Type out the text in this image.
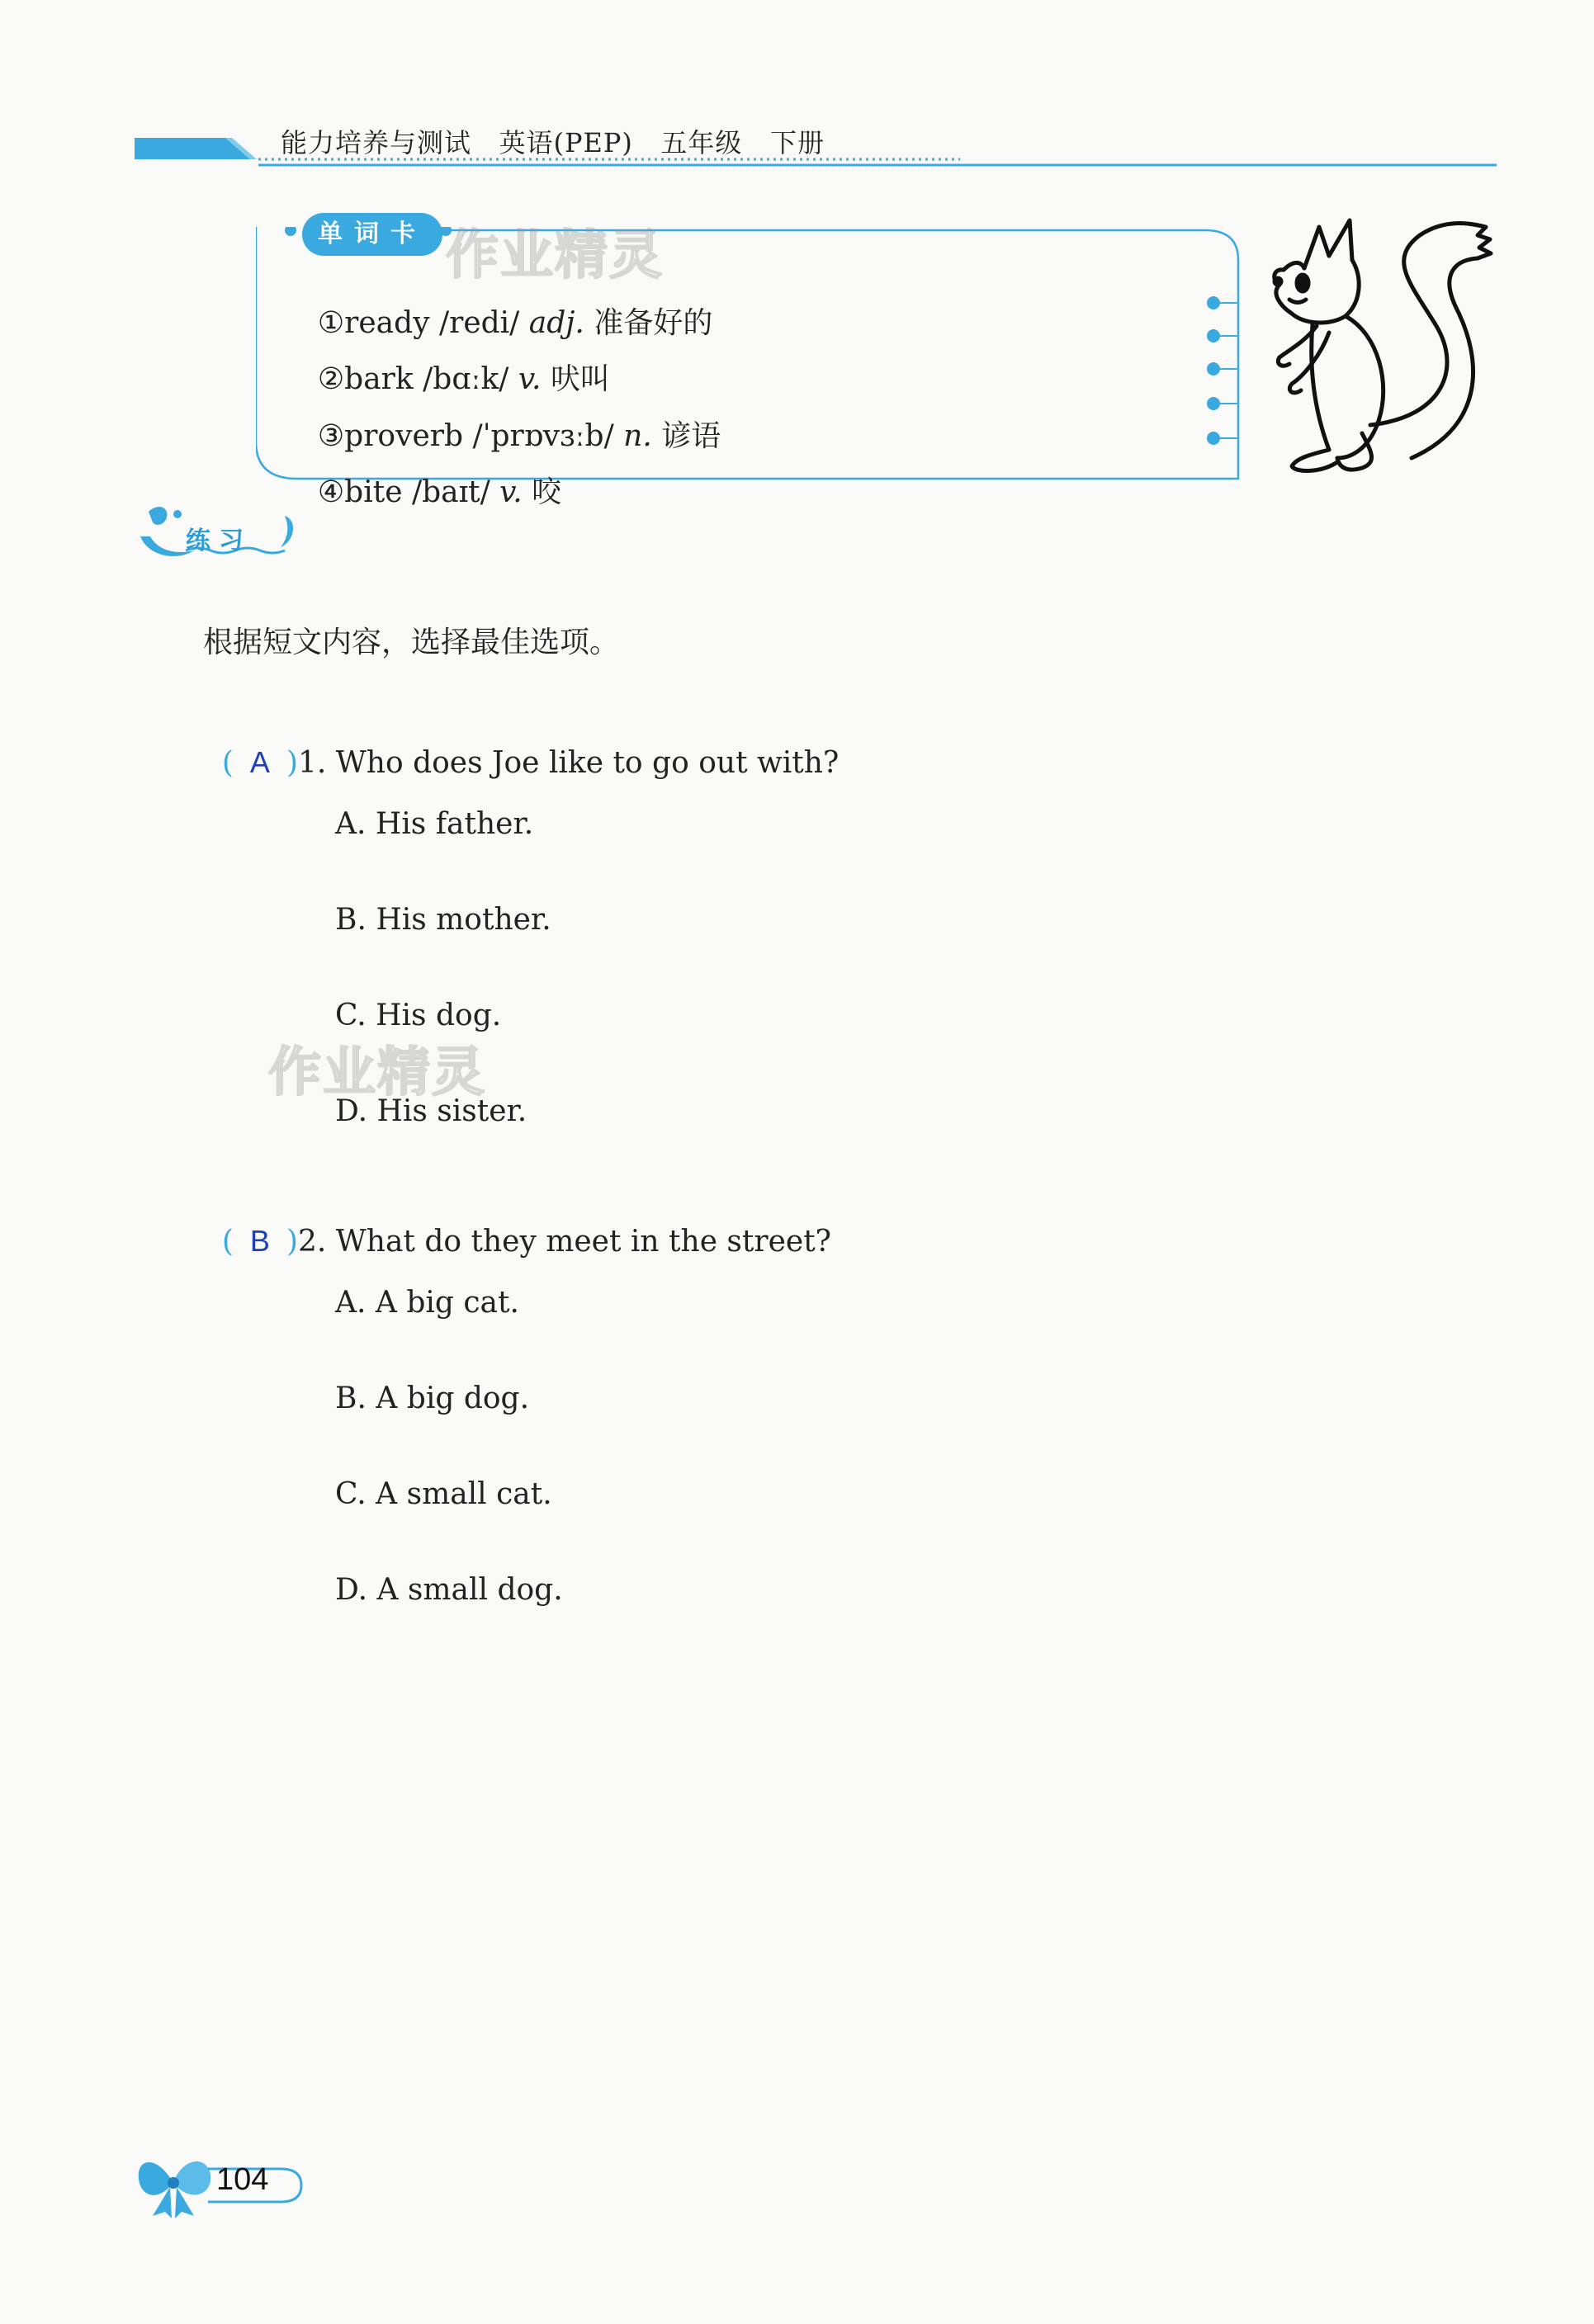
能力培养与测试   英语(PEP)   五年级   下册
单词卡

①ready /redi/ adj. 准备好的

②bark /bɑːk/ v. 吠叫

③proverb /ˈprɒvɜːb/ n. 谚语

④bite /baɪt/ v. 咬

练习
根据短文内容，选择最佳选项。

( A )1. Who does Joe like to go out with?

A. His father.
B. His mother.
C. His dog.
D. His sister.

( B )2. What do they meet in the street?

A. A big cat.
B. A big dog.
C. A small cat.
D. A small dog.
作业精灵
作业精灵
104
